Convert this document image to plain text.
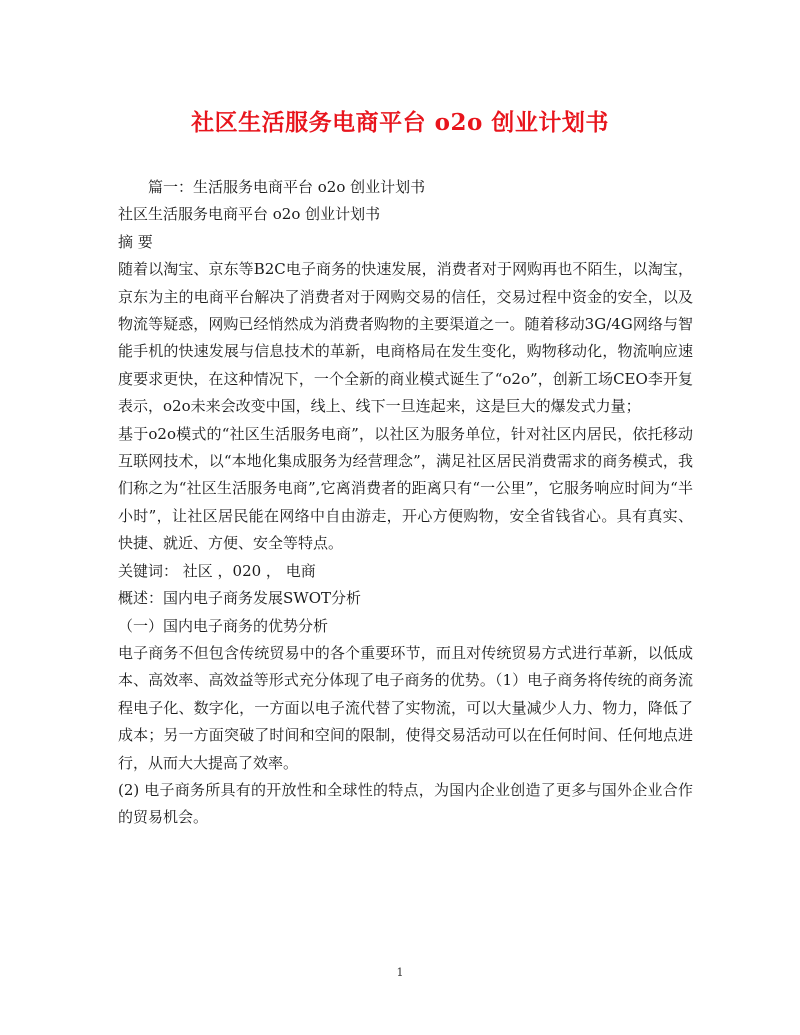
社区生活服务电商平台 o2o 创业计划书

篇一：生活服务电商平台 o2o 创业计划书

社区生活服务电商平台 o2o 创业计划书

摘 要

随着以淘宝、京东等B2C电子商务的快速发展，消费者对于网购再也不陌生，以淘宝，京东为主的电商平台解决了消费者对于网购交易的信任，交易过程中资金的安全，以及物流等疑惑，网购已经悄然成为消费者购物的主要渠道之一。随着移动3G/4G网络与智能手机的快速发展与信息技术的革新，电商格局在发生变化，购物移动化，物流响应速度要求更快，在这种情况下，一个全新的商业模式诞生了“o2o”，创新工场CEO李开复表示，o2o未来会改变中国，线上、线下一旦连起来，这是巨大的爆发式力量；

基于o2o模式的“社区生活服务电商”，以社区为服务单位，针对社区内居民，依托移动互联网技术，以“本地化集成服务为经营理念”，满足社区居民消费需求的商务模式，我们称之为“社区生活服务电商”,它离消费者的距离只有“一公里”，它服务响应时间为“半小时”，让社区居民能在网络中自由游走，开心方便购物，安全省钱省心。具有真实、快捷、就近、方便、安全等特点。

关键词： 社区 ，020 ， 电商

概述：国内电子商务发展SWOT分析

（一）国内电子商务的优势分析

电子商务不但包含传统贸易中的各个重要环节，而且对传统贸易方式进行革新，以低成本、高效率、高效益等形式充分体现了电子商务的优势。（1）电子商务将传统的商务流程电子化、数字化，一方面以电子流代替了实物流，可以大量减少人力、物力，降低了成本；另一方面突破了时间和空间的限制，使得交易活动可以在任何时间、任何地点进行，从而大大提高了效率。

(2) 电子商务所具有的开放性和全球性的特点，为国内企业创造了更多与国外企业合作的贸易机会。

1
